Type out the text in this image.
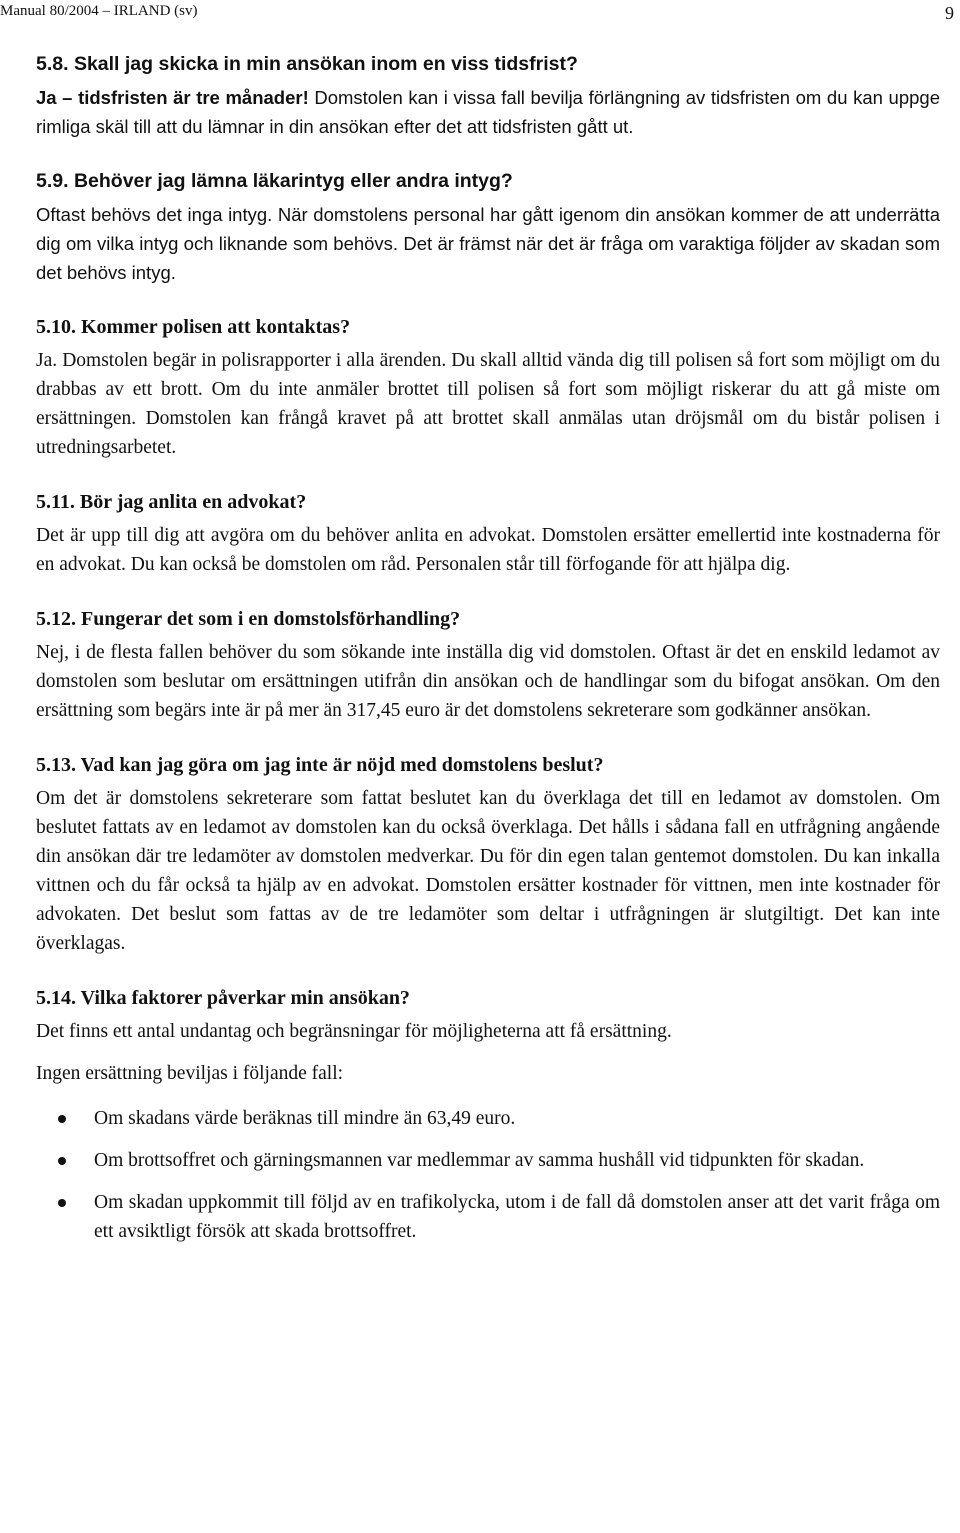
Manual 80/2004 – IRLAND (sv)	9
5.8. Skall jag skicka in min ansökan inom en viss tidsfrist?

Ja – tidsfristen är tre månader! Domstolen kan i vissa fall bevilja förlängning av tidsfristen om du kan uppge rimliga skäl till att du lämnar in din ansökan efter det att tidsfristen gått ut.

5.9. Behöver jag lämna läkarintyg eller andra intyg?

Oftast behövs det inga intyg. När domstolens personal har gått igenom din ansökan kommer de att underrätta dig om vilka intyg och liknande som behövs. Det är främst när det är fråga om varaktiga följder av skadan som det behövs intyg.

5.10. Kommer polisen att kontaktas?

Ja. Domstolen begär in polisrapporter i alla ärenden. Du skall alltid vända dig till polisen så fort som möjligt om du drabbas av ett brott. Om du inte anmäler brottet till polisen så fort som möjligt riskerar du att gå miste om ersättningen. Domstolen kan frångå kravet på att brottet skall anmälas utan dröjsmål om du bistår polisen i utredningsarbetet.

5.11. Bör jag anlita en advokat?

Det är upp till dig att avgöra om du behöver anlita en advokat. Domstolen ersätter emellertid inte kostnaderna för en advokat. Du kan också be domstolen om råd. Personalen står till förfogande för att hjälpa dig.

5.12. Fungerar det som i en domstolsförhandling?

Nej, i de flesta fallen behöver du som sökande inte inställa dig vid domstolen. Oftast är det en enskild ledamot av domstolen som beslutar om ersättningen utifrån din ansökan och de handlingar som du bifogat ansökan. Om den ersättning som begärs inte är på mer än 317,45 euro är det domstolens sekreterare som godkänner ansökan.

5.13. Vad kan jag göra om jag inte är nöjd med domstolens beslut?

Om det är domstolens sekreterare som fattat beslutet kan du överklaga det till en ledamot av domstolen. Om beslutet fattats av en ledamot av domstolen kan du också överklaga. Det hålls i sådana fall en utfrågning angående din ansökan där tre ledamöter av domstolen medverkar. Du för din egen talan gentemot domstolen. Du kan inkalla vittnen och du får också ta hjälp av en advokat. Domstolen ersätter kostnader för vittnen, men inte kostnader för advokaten. Det beslut som fattas av de tre ledamöter som deltar i utfrågningen är slutgiltigt. Det kan inte överklagas.

5.14. Vilka faktorer påverkar min ansökan?

Det finns ett antal undantag och begränsningar för möjligheterna att få ersättning.

Ingen ersättning beviljas i följande fall:

Om skadans värde beräknas till mindre än 63,49 euro.
Om brottsoffret och gärningsmannen var medlemmar av samma hushåll vid tidpunkten för skadan.
Om skadan uppkommit till följd av en trafikolycka, utom i de fall då domstolen anser att det varit fråga om ett avsiktligt försök att skada brottsoffret.
